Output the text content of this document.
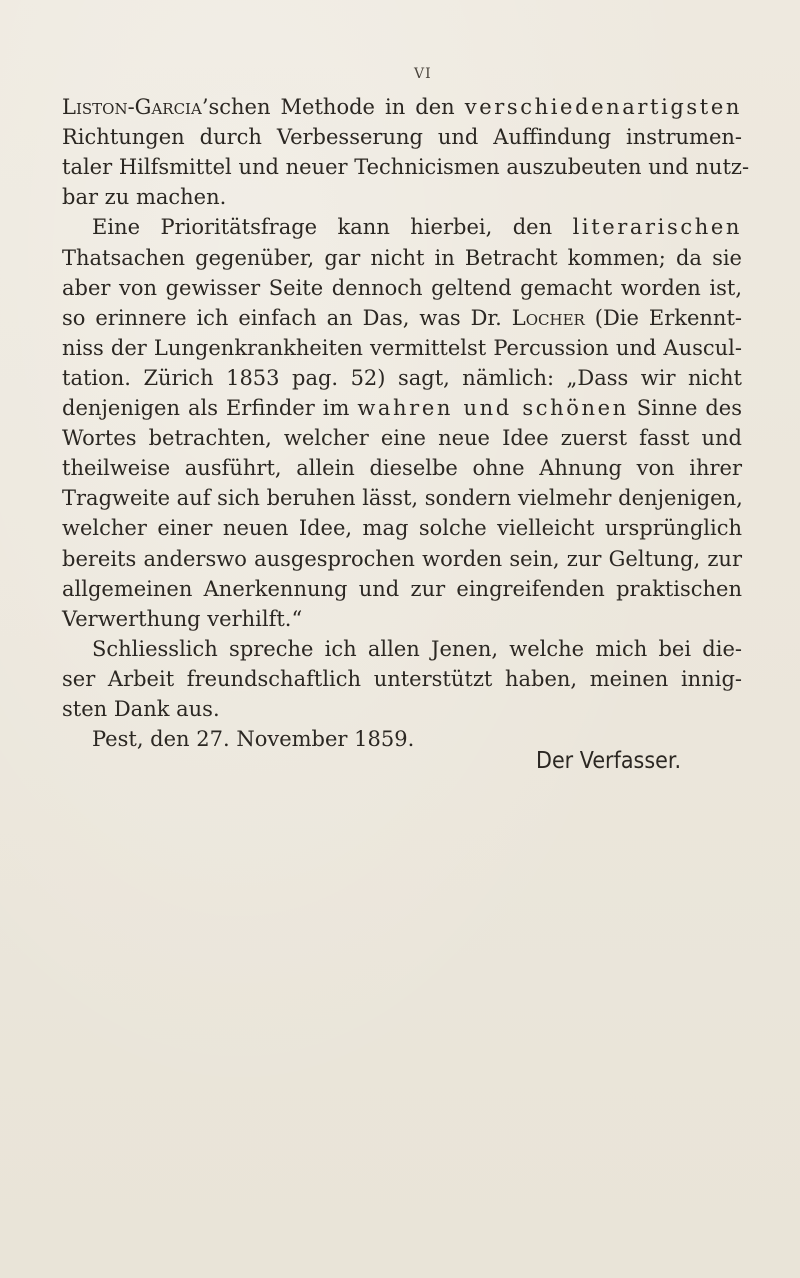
VI
Liston-Garcia’schen Methode in den verschiedenartigsten
Richtungen durch Verbesserung und Auffindung instrumen-
taler Hilfsmittel und neuer Technicismen auszubeuten und nutz-
bar zu machen.
Eine Prioritätsfrage kann hierbei, den literarischen
Thatsachen gegenüber, gar nicht in Betracht kommen; da sie
aber von gewisser Seite dennoch geltend gemacht worden ist,
so erinnere ich einfach an Das, was Dr. Locher (Die Erkennt-
niss der Lungenkrankheiten vermittelst Percussion und Auscul-
tation. Zürich 1853 pag. 52) sagt, nämlich: „Dass wir nicht
denjenigen als Erfinder im wahren und schönen Sinne des
Wortes betrachten, welcher eine neue Idee zuerst fasst und
theilweise ausführt, allein dieselbe ohne Ahnung von ihrer
Tragweite auf sich beruhen lässt, sondern vielmehr denjenigen,
welcher einer neuen Idee, mag solche vielleicht ursprünglich
bereits anderswo ausgesprochen worden sein, zur Geltung, zur
allgemeinen Anerkennung und zur eingreifenden praktischen
Verwerthung verhilft.“
Schliesslich spreche ich allen Jenen, welche mich bei die-
ser Arbeit freundschaftlich unterstützt haben, meinen innig-
sten Dank aus.
Pest, den 27. November 1859.
Der Verfasser.
